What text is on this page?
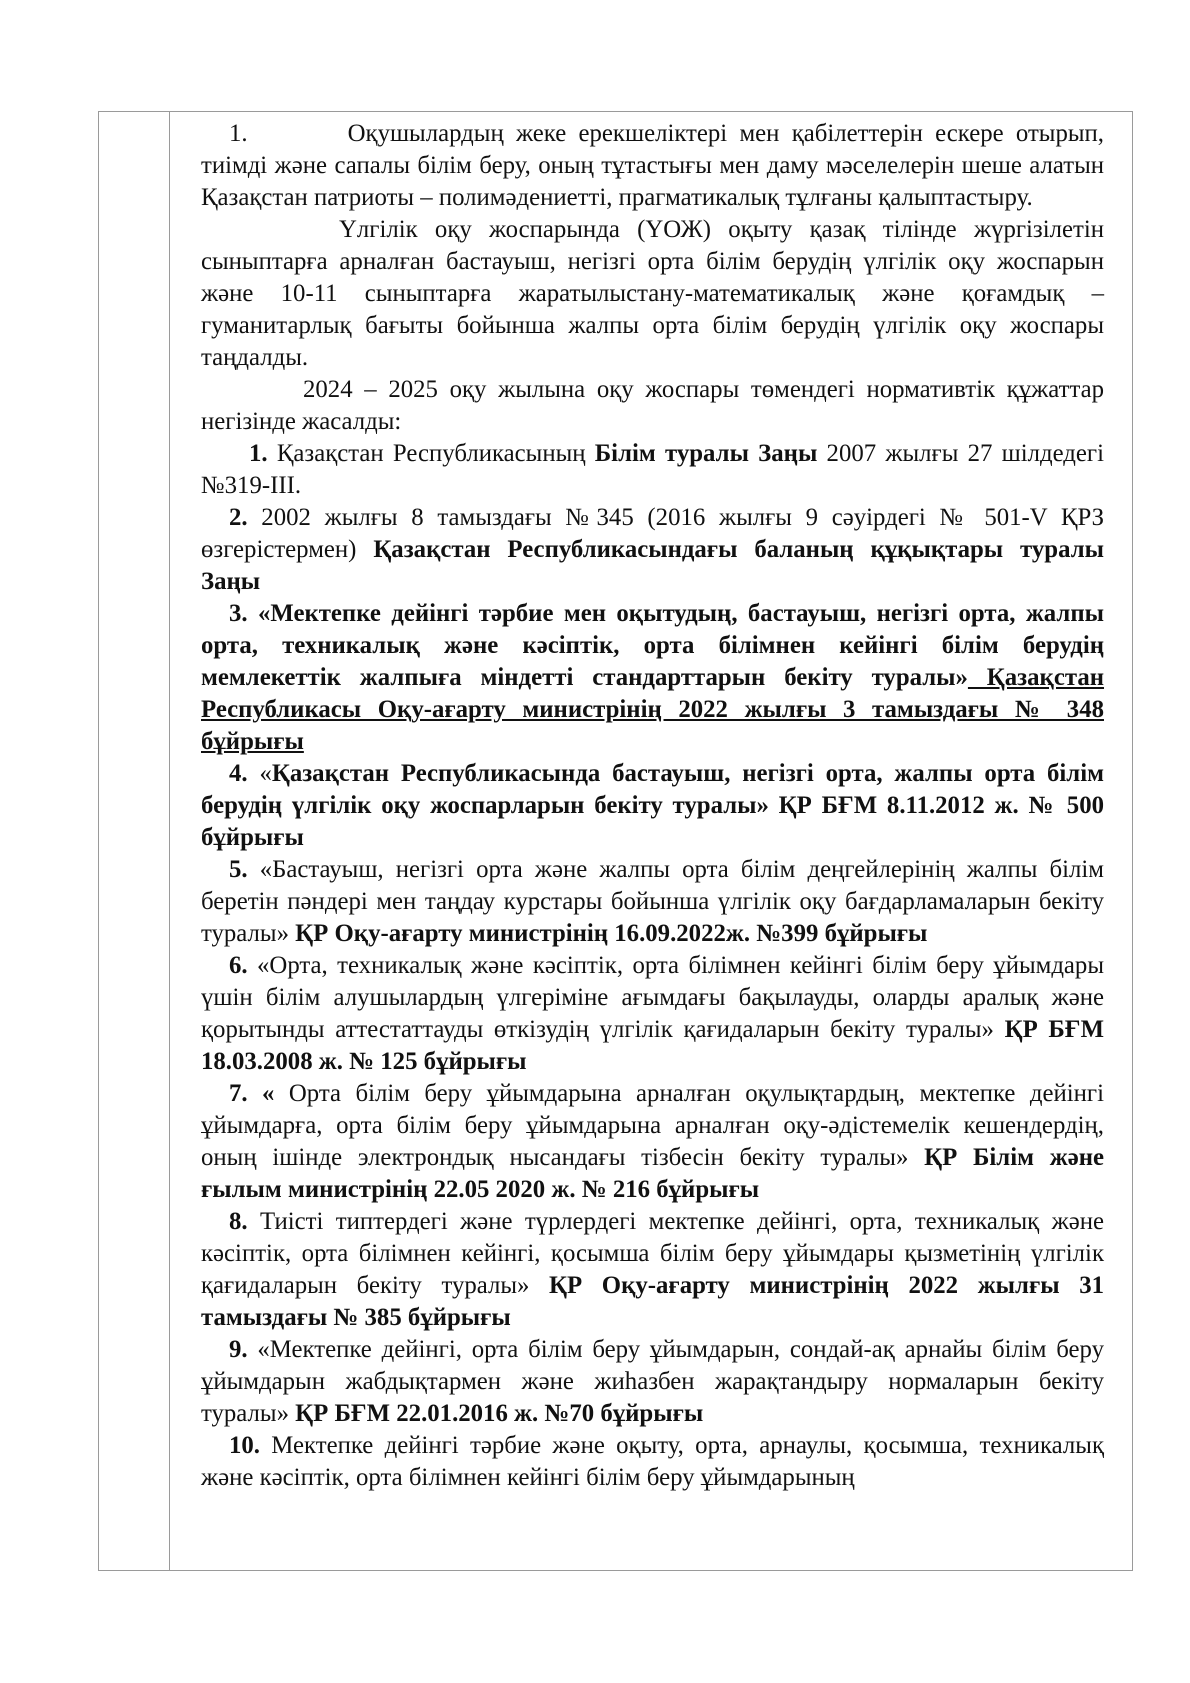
1.	Оқушылардың жеке ерекшеліктері мен қабілеттерін ескере отырып, тиімді және сапалы білім беру, оның тұтастығы мен даму мәселелерін шеше алатын Қазақстан патриоты – полимәдениетті, прагматикалық тұлғаны қалыптастыру.

Үлгілік оқу жоспарында (ҮОЖ) оқыту қазақ тілінде жүргізілетін сыныптарға арналған бастауыш, негізгі орта білім берудің үлгілік оқу жоспарын және 10-11 сыныптарға жаратылыстану-математикалық және қоғамдық –гуманитарлық бағыты бойынша жалпы орта білім берудің үлгілік оқу жоспары таңдалды.

2024 – 2025 оқу жылына оқу жоспары төмендегі нормативтік құжаттар негізінде жасалды:

1. Қазақстан Республикасының Білім туралы Заңы 2007 жылғы 27 шілдедегі №319-ІІІ.

2. 2002 жылғы 8 тамыздағы №345 (2016 жылғы 9 сәуірдегі № 501-V ҚРЗ өзгерістермен) Қазақстан Республикасындағы баланың құқықтары туралы Заңы

3. «Мектепке дейінгі тәрбие мен оқытудың, бастауыш, негізгі орта, жалпы орта, техникалық және кәсіптік, орта білімнен кейінгі білім берудің мемлекеттік жалпыға міндетті стандарттарын бекіту туралы» Қазақстан Республикасы Оқу-ағарту министрінің 2022 жылғы 3 тамыздағы № 348 бұйрығы

4. «Қазақстан Республикасында бастауыш, негізгі орта, жалпы орта білім берудің үлгілік оқу жоспарларын бекіту туралы» ҚР БҒМ 8.11.2012 ж. № 500 бұйрығы

5. «Бастауыш, негізгі орта және жалпы орта білім деңгейлерінің жалпы білім беретін пәндері мен таңдау курстары бойынша үлгілік оқу бағдарламаларын бекіту туралы» ҚР Оқу-ағарту министрінің 16.09.2022ж. №399 бұйрығы

6. «Орта, техникалық және кәсіптік, орта білімнен кейінгі білім беру ұйымдары үшін білім алушылардың үлгеріміне ағымдағы бақылауды, оларды аралық және қорытынды аттестаттауды өткізудің үлгілік қағидаларын бекіту туралы» ҚР БҒМ 18.03.2008 ж. № 125 бұйрығы

7. « Орта білім беру ұйымдарына арналған оқулықтардың, мектепке дейінгі ұйымдарға, орта білім беру ұйымдарына арналған оқу-әдістемелік кешендердің, оның ішінде электрондық нысандағы тізбесін бекіту туралы» ҚР Білім және ғылым министрінің 22.05 2020 ж. № 216 бұйрығы

8. Тиісті типтердегі және түрлердегі мектепке дейінгі, орта, техникалық және кәсіптік, орта білімнен кейінгі, қосымша білім беру ұйымдары қызметінің үлгілік қағидаларын бекіту туралы» ҚР Оқу-ағарту министрінің 2022 жылғы 31 тамыздағы № 385 бұйрығы

9. «Мектепке дейінгі, орта білім беру ұйымдарын, сондай-ақ арнайы білім беру ұйымдарын жабдықтармен және жиһазбен жарақтандыру нормаларын бекіту туралы» ҚР БҒМ 22.01.2016 ж. №70 бұйрығы

10. Мектепке дейінгі тәрбие және оқыту, орта, арнаулы, қосымша, техникалық және кәсіптік, орта білімнен кейінгі білім беру ұйымдарының
